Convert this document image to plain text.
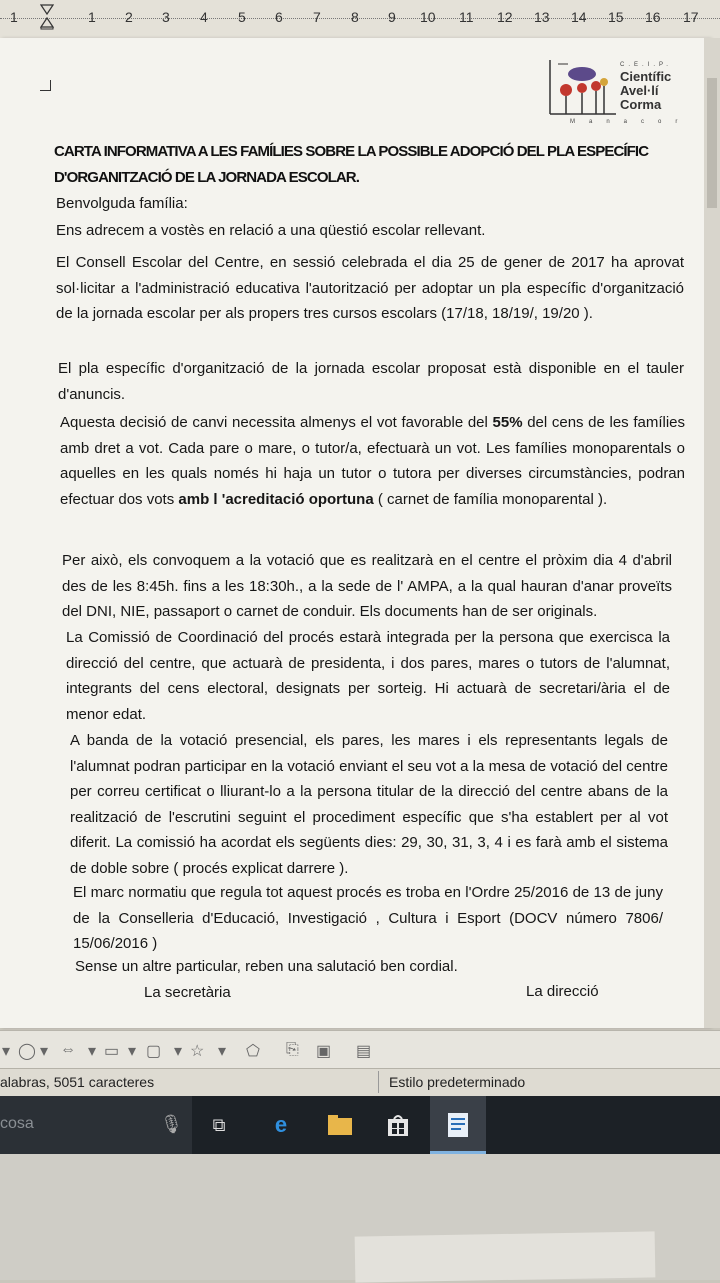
1	1 2 3 4 5 6 7 8 9 10 11 12 13 14 15 16 17
C.E.I.P.
Científic
Avel·lí
Corma
Manacor
CARTA INFORMATIVA A LES FAMÍLIES SOBRE LA POSSIBLE ADOPCIÓ DEL PLA ESPECÍFIC D'ORGANITZACIÓ DE LA JORNADA ESCOLAR.
Benvolguda família:
Ens adrecem a vostès en relació a una qüestió escolar rellevant.
El Consell Escolar del Centre, en sessió celebrada el dia 25 de gener de 2017 ha aprovat sol·licitar a l'administració educativa l'autorització per adoptar un pla específic d'organització de la jornada escolar per als propers tres cursos escolars (17/18, 18/19/, 19/20 ).
El pla específic d'organització de la jornada escolar proposat està disponible en el tauler d'anuncis.
Aquesta decisió de canvi necessita almenys el vot favorable del 55% del cens de les famílies amb dret a vot. Cada pare o mare, o tutor/a, efectuarà un vot. Les famílies monoparentals o aquelles en les quals només hi haja un tutor o tutora per diverses circumstàncies, podran efectuar dos vots amb l 'acreditació oportuna ( carnet de família monoparental ).
Per això, els convoquem a la votació que es realitzarà en el centre el pròxim dia 4 d'abril des de les 8:45h. fins a les 18:30h., a la sede de l' AMPA, a la qual hauran d'anar proveïts del DNI, NIE, passaport o carnet de conduir. Els documents han de ser originals.
La Comissió de Coordinació del procés estarà integrada per la persona que exercisca la direcció del centre, que actuarà de presidenta, i dos pares, mares o tutors de l'alumnat, integrants del cens electoral, designats per sorteig. Hi actuarà de secretari/ària el de menor edat.
A banda de la votació presencial, els pares, les mares i els representants legals de l'alumnat podran participar en la votació enviant el seu vot a la mesa de votació del centre per correu certificat o lliurant-lo a la persona titular de la direcció del centre abans de la realització de l'escrutini seguint el procediment específic que s'ha establert per al vot diferit. La comissió ha acordat els següents dies: 29, 30, 31, 3, 4 i es farà amb el sistema de doble sobre ( procés explicat darrere ).
El marc normatiu que regula tot aquest procés es troba en l'Ordre 25/2016 de 13 de juny de la Conselleria d'Educació, Investigació , Cultura i Esport (DOCV número 7806/ 15/06/2016 )
Sense un altre particular, reben una salutació ben cordial.
La secretària	La direcció
▾ ◯ ▾ ⇔ ▾ ▭ ▾ ▢ ▾ ☆ ▾ ⬠ ⎘ ▣ ▤
alabras, 5051 caracteres	Estilo predeterminado
cosa	🎙	⧉	e
